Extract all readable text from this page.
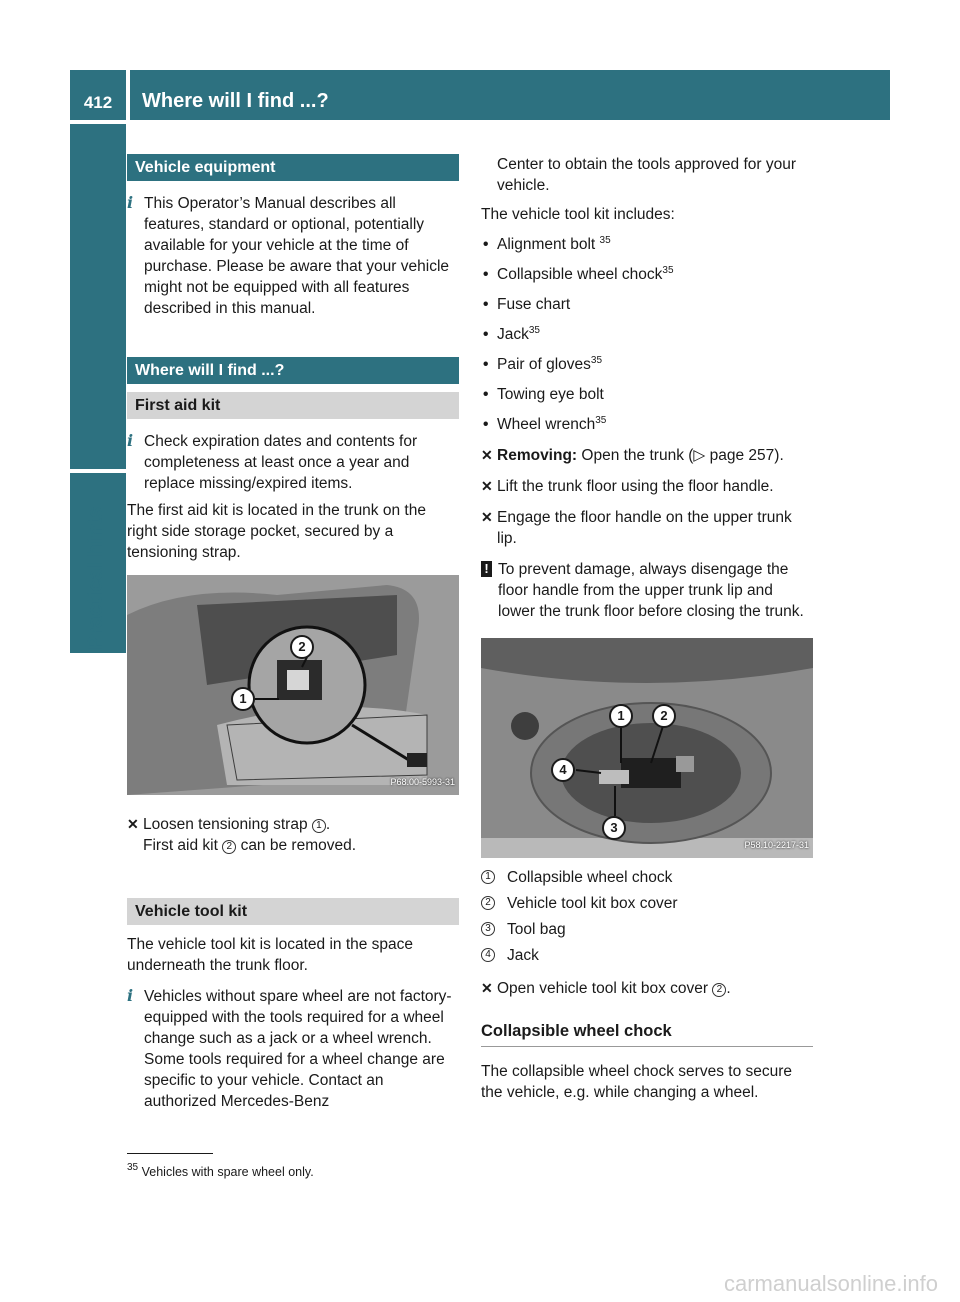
412	Where will I find ...?
Practical hints
Vehicle equipment
i This Operator’s Manual describes all features, standard or optional, potentially available for your vehicle at the time of purchase. Please be aware that your vehicle might not be equipped with all features described in this manual.
Where will I find ...?
First aid kit
i Check expiration dates and contents for completeness at least once a year and replace missing/expired items.

The first aid kit is located in the trunk on the right side storage pocket, secured by a tensioning strap.

1
2
P68.00-5993-31
✕ Loosen tensioning strap 1 .
First aid kit 2 can be removed.
Vehicle tool kit

The vehicle tool kit is located in the space underneath the trunk floor.

i Vehicles without spare wheel are not factory-equipped with the tools required for a wheel change such as a jack or a wheel wrench. Some tools required for a wheel change are specific to your vehicle. Contact an authorized Mercedes-Benz

Center to obtain the tools approved for your vehicle.

The vehicle tool kit includes:

• Alignment bolt $^{35}$
• Collapsible wheel chock$^{35}$
• Fuse chart
• Jack$^{35}$
• Pair of gloves$^{35}$
• Towing eye bolt
• Wheel wrench$^{35}$
✕ Removing: Open the trunk (▷ page 257).
✕ Lift the trunk floor using the floor handle.
✕ Engage the floor handle on the upper trunk lip.
! To prevent damage, always disengage the floor handle from the upper trunk lip and lower the trunk floor before closing the trunk.
1	2
4
3
P58.10-2217-31
1 Collapsible wheel chock
2 Vehicle tool kit box cover
3 Tool bag
4 Jack
✕ Open vehicle tool kit box cover 2 .
Collapsible wheel chock

The collapsible wheel chock serves to secure the vehicle, e.g. while changing a wheel.

$^{35}$ Vehicles with spare wheel only.
carmanualsonline.info
